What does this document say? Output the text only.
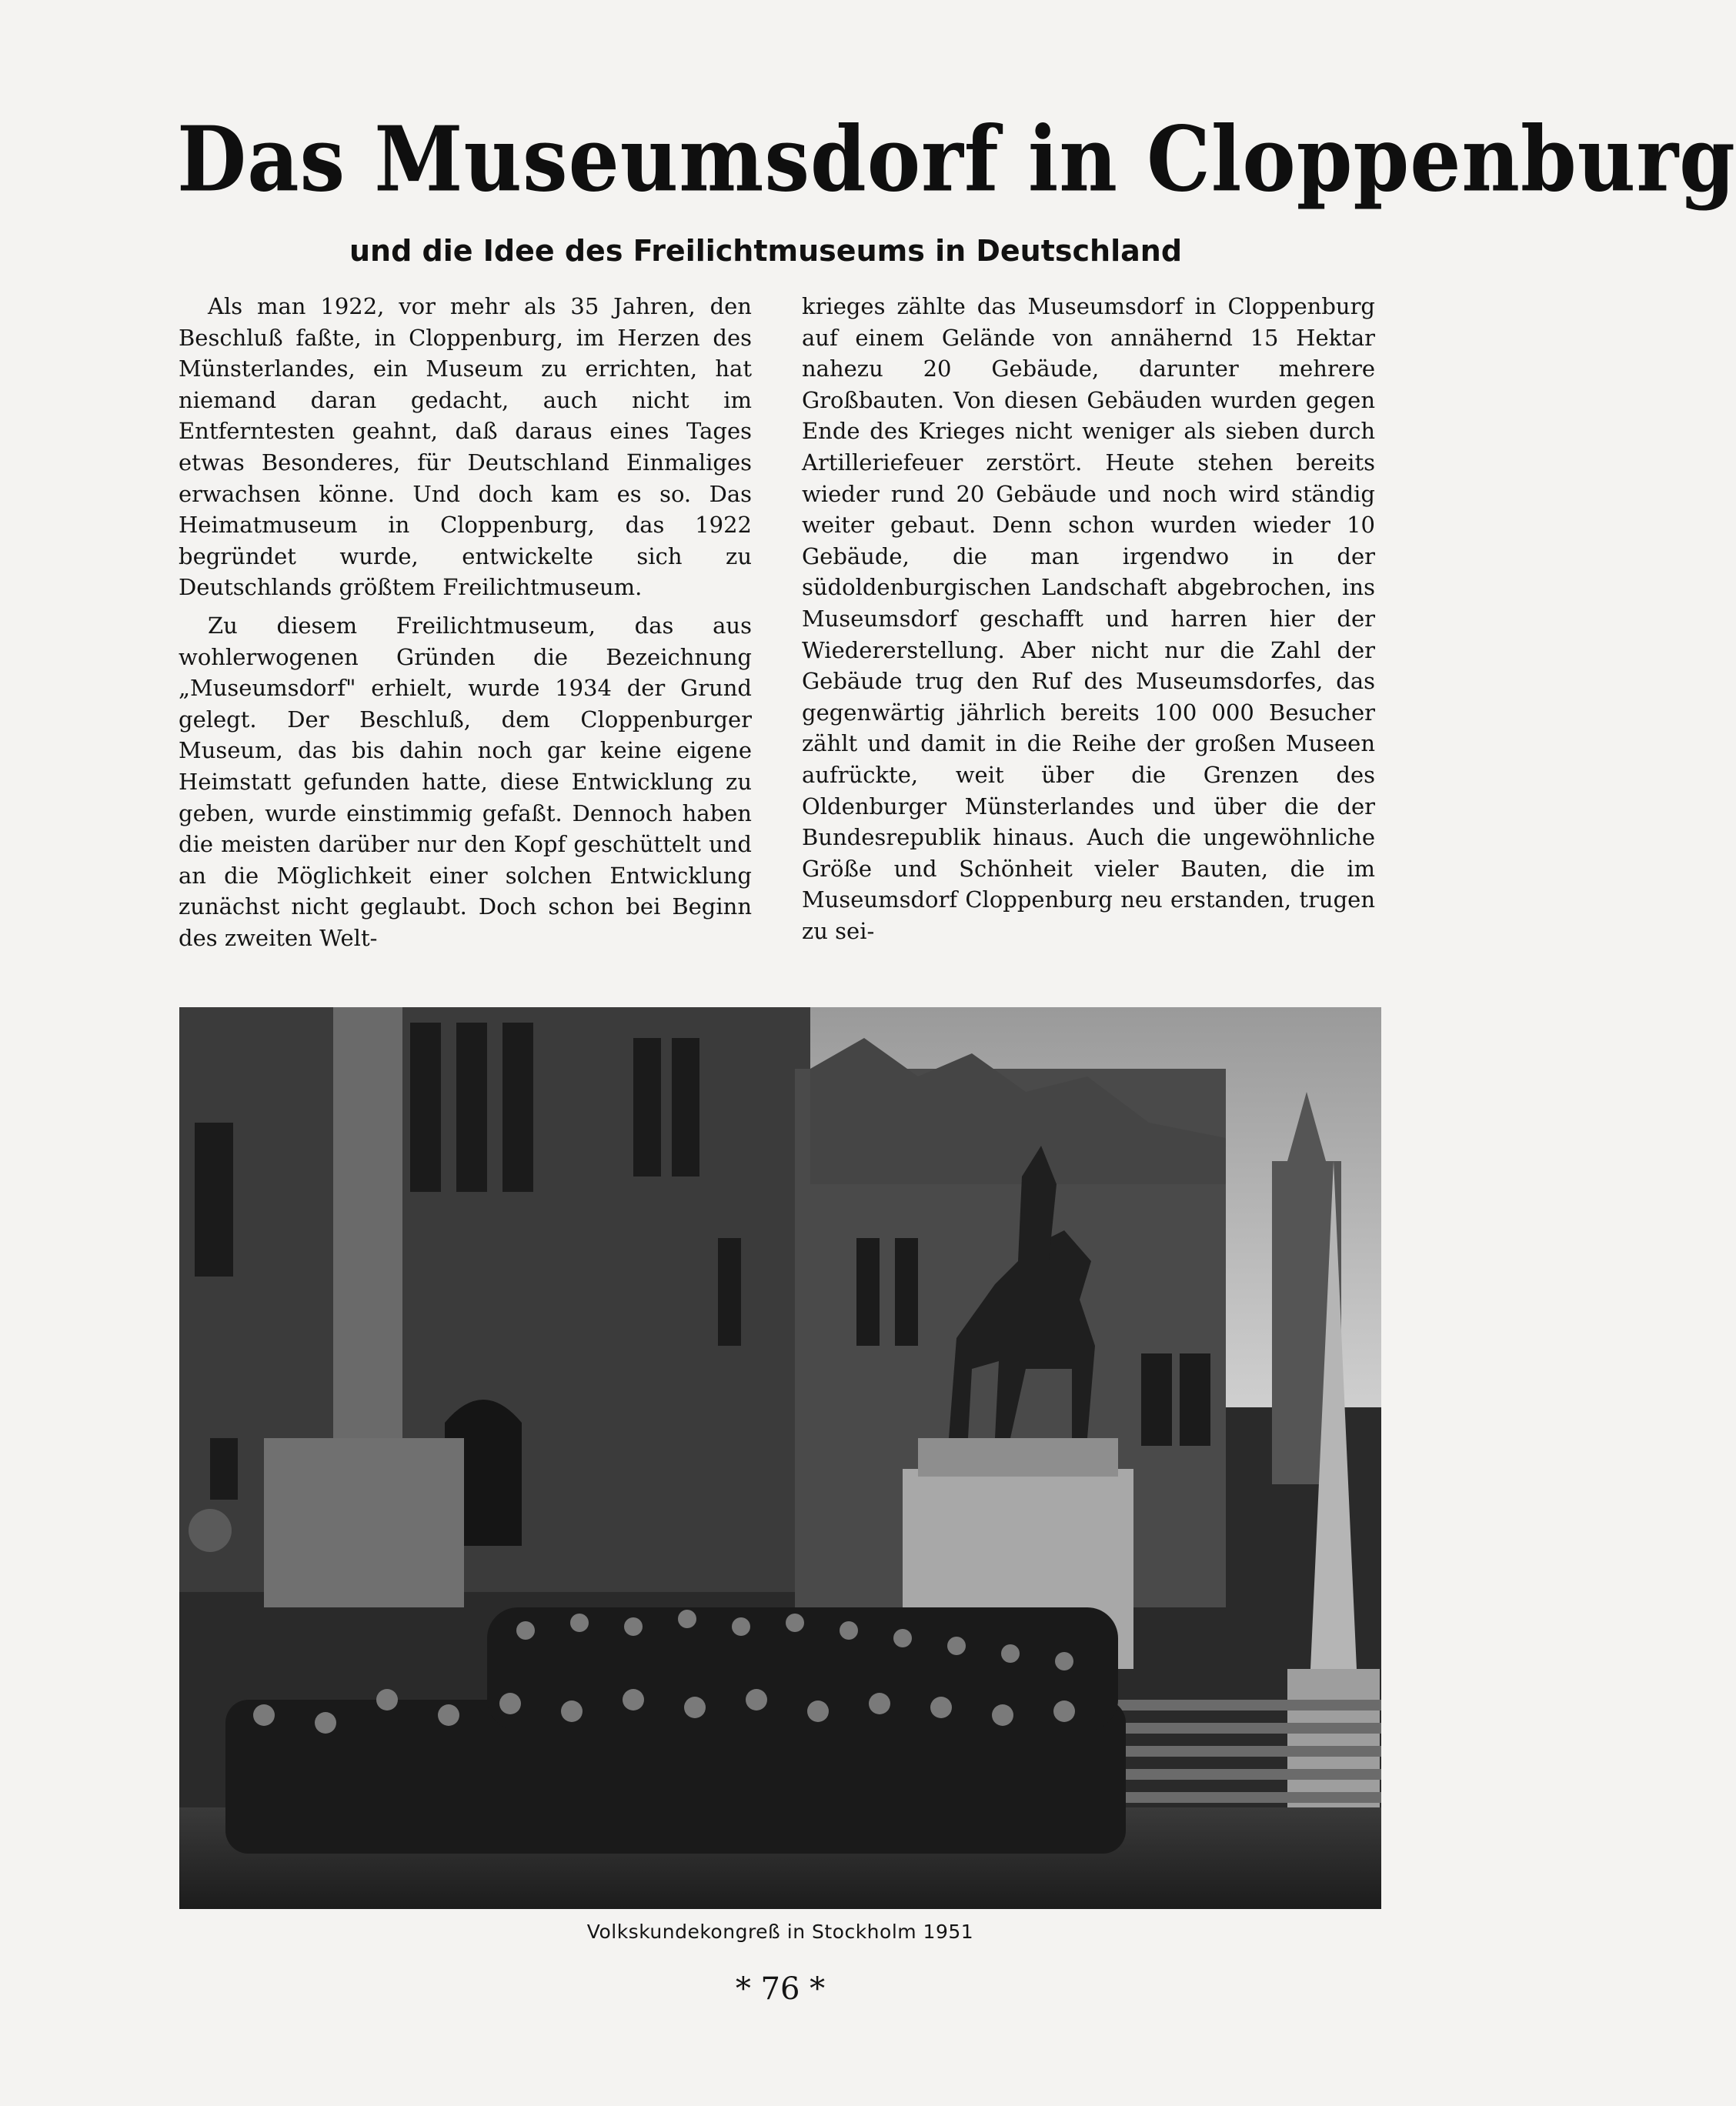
Das Museumsdorf in Cloppenburg
und die Idee des Freilichtmuseums in Deutschland

Als man 1922, vor mehr als 35 Jahren, den Beschluß faßte, in Cloppenburg, im Herzen des Münsterlandes, ein Museum zu errichten, hat niemand daran gedacht, auch nicht im Entferntesten geahnt, daß daraus eines Tages etwas Besonderes, für Deutschland Einmaliges erwachsen könne. Und doch kam es so. Das Heimatmuseum in Cloppenburg, das 1922 begründet wurde, entwickelte sich zu Deutschlands größtem Freilichtmuseum.

Zu diesem Freilichtmuseum, das aus wohlerwogenen Gründen die Bezeichnung „Museumsdorf" erhielt, wurde 1934 der Grund gelegt. Der Beschluß, dem Cloppenburger Museum, das bis dahin noch gar keine eigene Heimstatt gefunden hatte, diese Entwicklung zu geben, wurde einstimmig gefaßt. Dennoch haben die meisten darüber nur den Kopf geschüttelt und an die Möglichkeit einer solchen Entwicklung zunächst nicht geglaubt. Doch schon bei Beginn des zweiten Welt-

krieges zählte das Museumsdorf in Cloppenburg auf einem Gelände von annähernd 15 Hektar nahezu 20 Gebäude, darunter mehrere Großbauten. Von diesen Gebäuden wurden gegen Ende des Krieges nicht weniger als sieben durch Artilleriefeuer zerstört. Heute stehen bereits wieder rund 20 Gebäude und noch wird ständig weiter gebaut. Denn schon wurden wieder 10 Gebäude, die man irgendwo in der südoldenburgischen Landschaft abgebrochen, ins Museumsdorf geschafft und harren hier der Wiedererstellung. Aber nicht nur die Zahl der Gebäude trug den Ruf des Museumsdorfes, das gegenwärtig jährlich bereits 100 000 Besucher zählt und damit in die Reihe der großen Museen aufrückte, weit über die Grenzen des Oldenburger Münsterlandes und über die der Bundesrepublik hinaus. Auch die ungewöhnliche Größe und Schönheit vieler Bauten, die im Museumsdorf Cloppenburg neu erstanden, trugen zu sei-

Volkskundekongreß in Stockholm 1951
* 76 *
